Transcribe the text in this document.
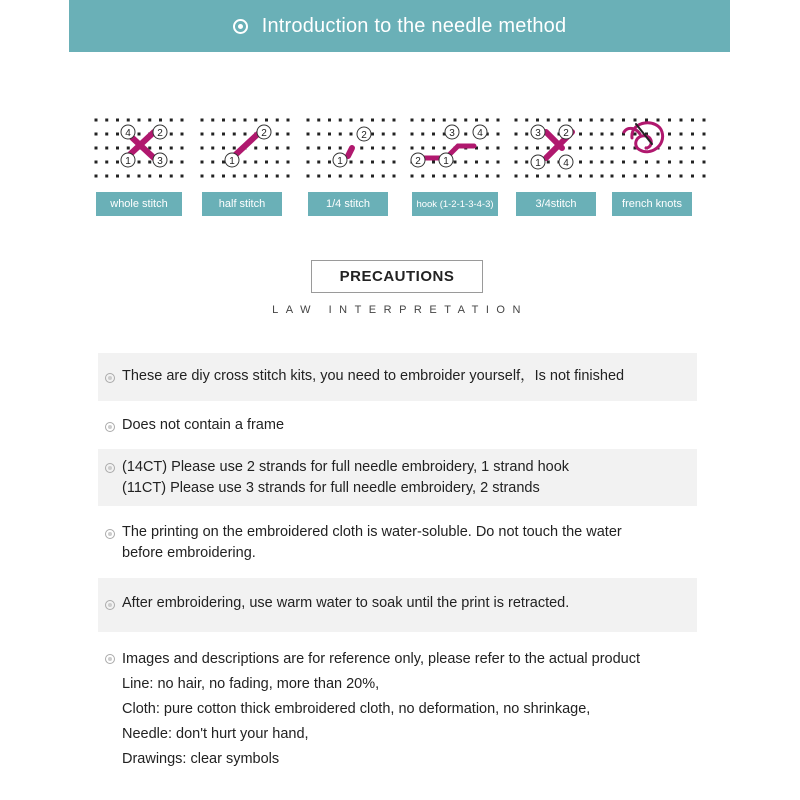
Introduction to the needle method
4	2
1	3
whole stitch
2
1
half stitch
2
1
1/4 stitch
3 4
2 1
hook (1-2-1-3-4-3)
3 2
1 4
3/4stitch	french knots
PRECAUTIONS
LAW INTERPRETATION
These are diy cross stitch kits, you need to embroider yourself，Is not finished
Does not contain a frame
(14CT) Please use 2 strands for full needle embroidery, 1 strand hook
(11CT) Please use 3 strands for full needle embroidery, 2 strands
The printing on the embroidered cloth is water-soluble. Do not touch the water
before embroidering.
After embroidering, use warm water to soak until the print is retracted.
Images and descriptions are for reference only, please refer to the actual product
Line: no hair, no fading, more than 20%,
Cloth: pure cotton thick embroidered cloth, no deformation, no shrinkage,
Needle: don't hurt your hand,
Drawings: clear symbols
